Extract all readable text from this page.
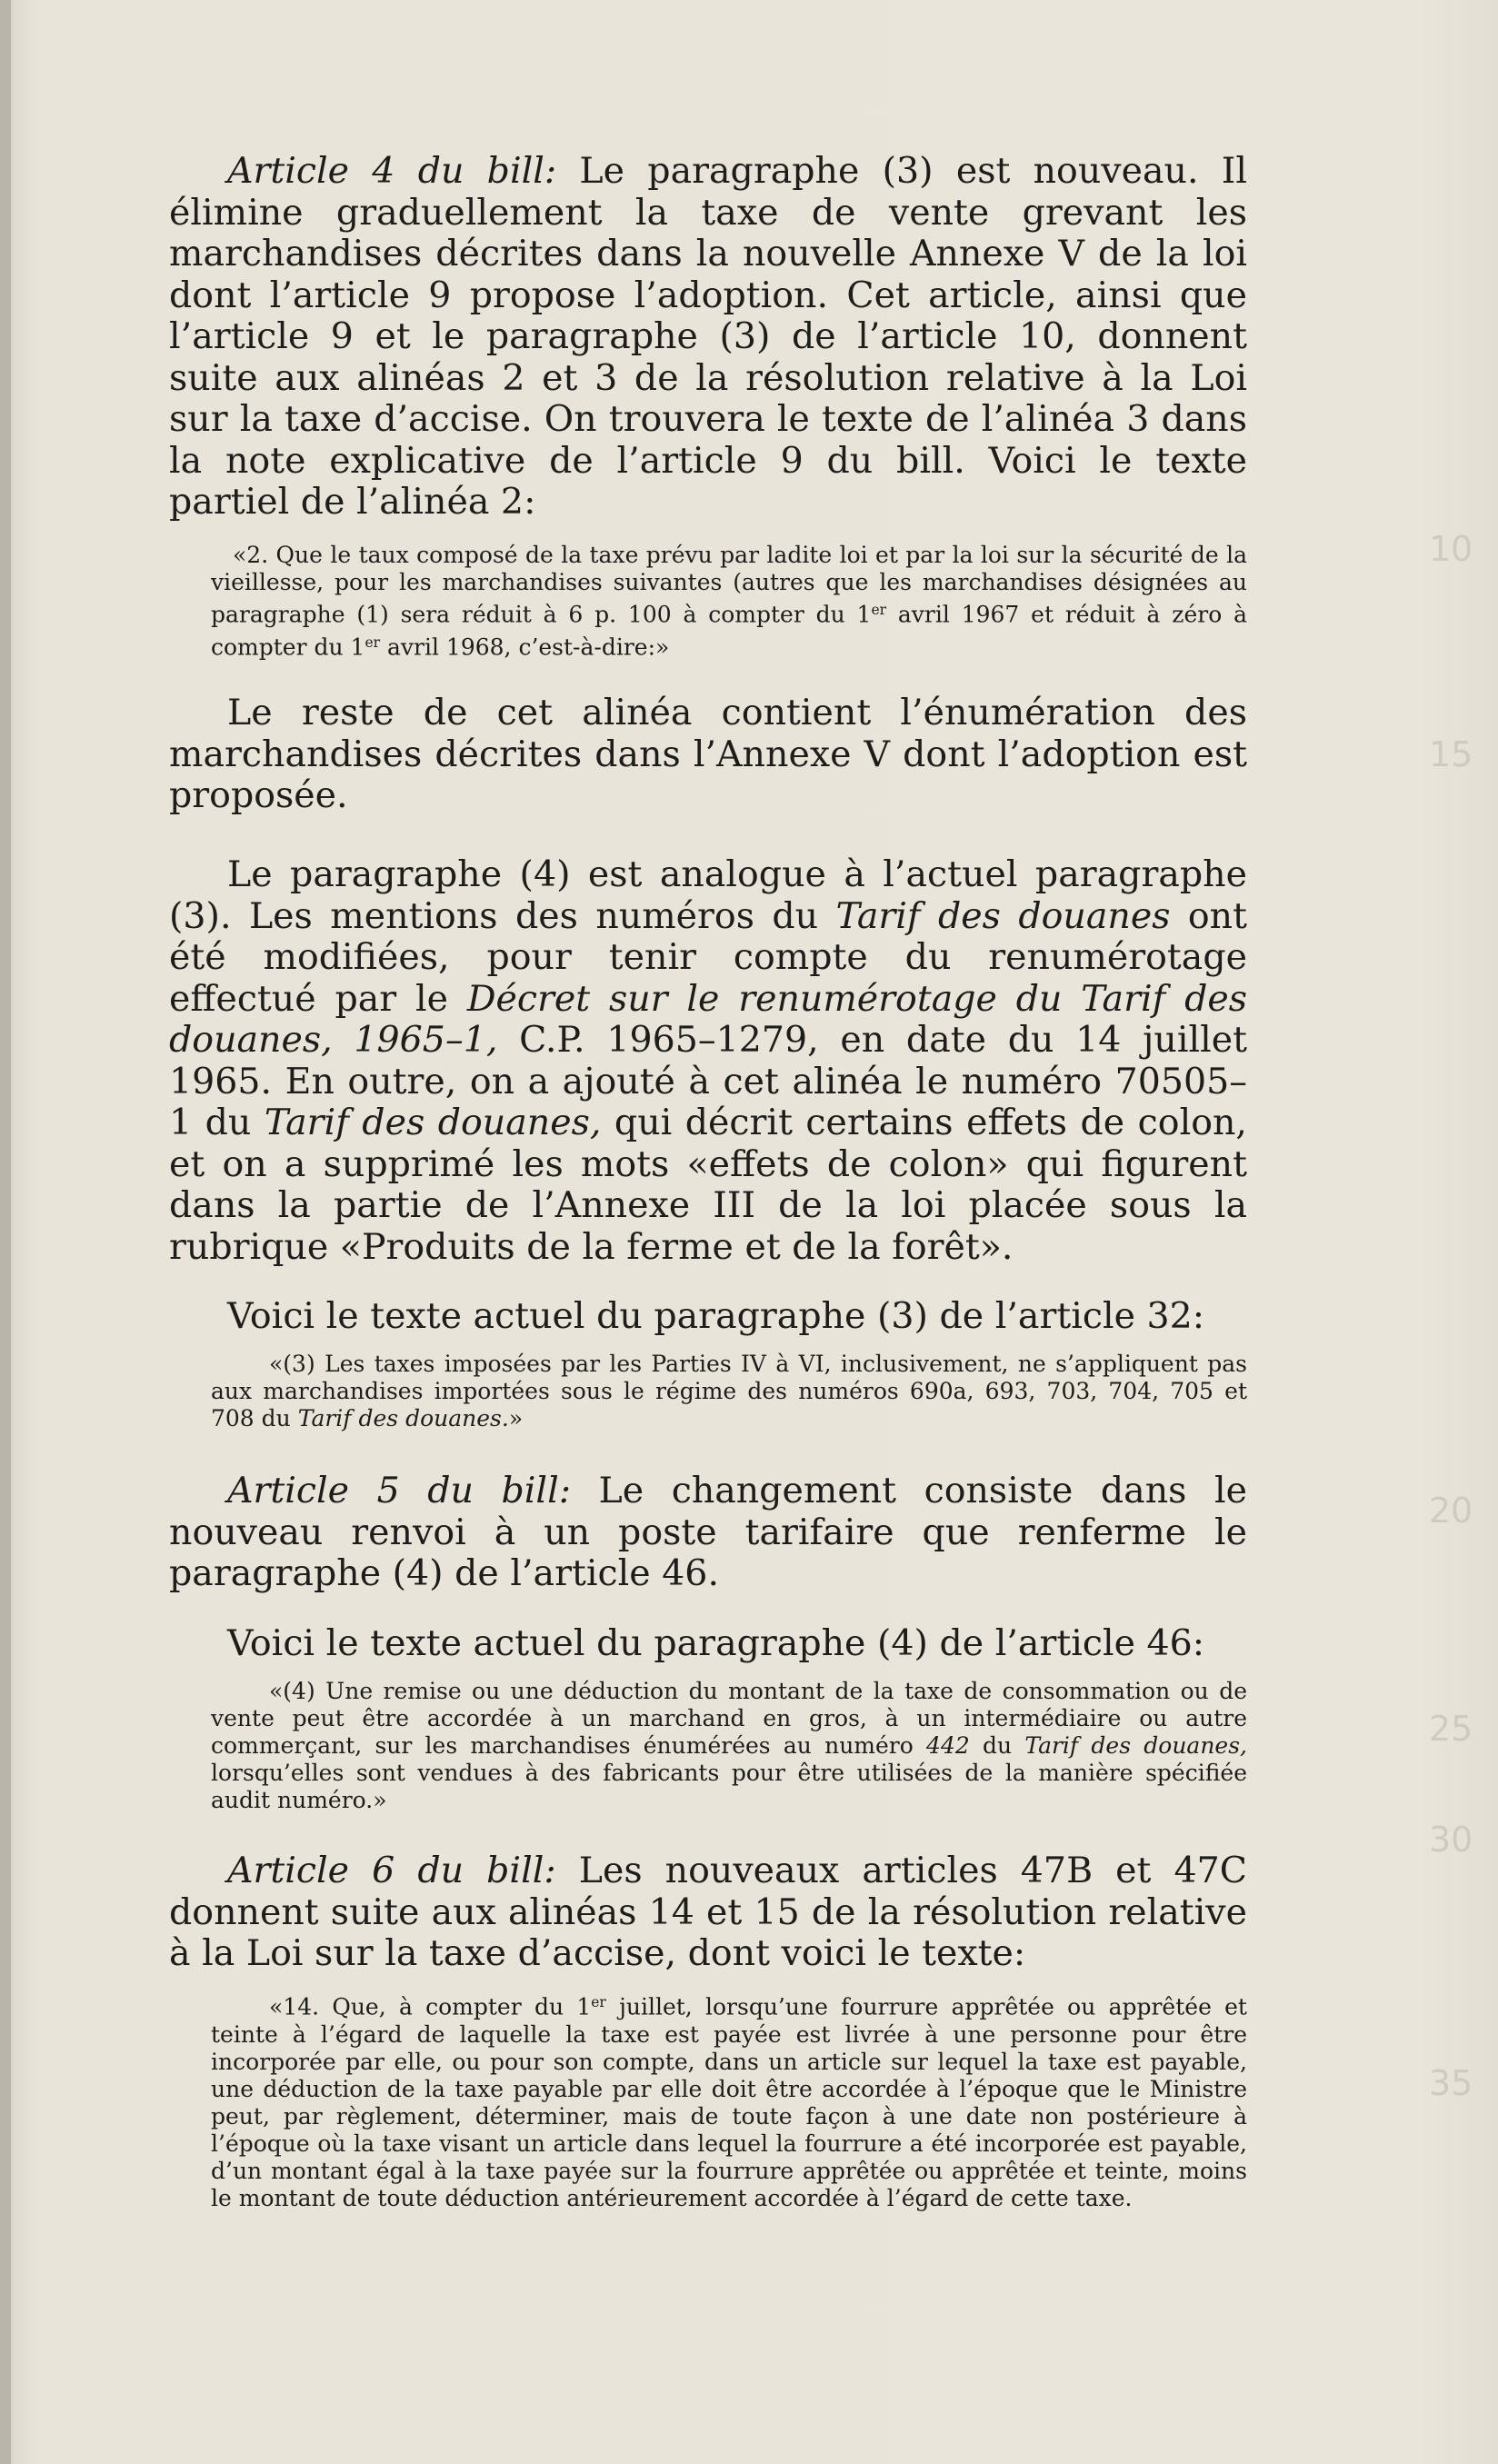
10
15
20
25
30
35

Article 4 du bill: Le paragraphe (3) est nouveau. Il élimine graduellement la taxe de vente grevant les marchandises décrites dans la nouvelle Annexe V de la loi dont l’article 9 propose l’adoption. Cet article, ainsi que l’article 9 et le paragraphe (3) de l’article 10, donnent suite aux alinéas 2 et 3 de la résolution relative à la Loi sur la taxe d’accise. On trouvera le texte de l’alinéa 3 dans la note explicative de l’article 9 du bill. Voici le texte partiel de l’alinéa 2:

«2. Que le taux composé de la taxe prévu par ladite loi et par la loi sur la sécurité de la vieillesse, pour les marchandises suivantes (autres que les marchandises désignées au paragraphe (1) sera réduit à 6 p. 100 à compter du 1er avril 1967 et réduit à zéro à compter du 1er avril 1968, c’est-à-dire:»

Le reste de cet alinéa contient l’énumération des marchandises décrites dans l’Annexe V dont l’adoption est proposée.

Le paragraphe (4) est analogue à l’actuel paragraphe (3). Les mentions des numéros du Tarif des douanes ont été modifiées, pour tenir compte du renumérotage effectué par le Décret sur le renumérotage du Tarif des douanes, 1965–1, C.P. 1965–1279, en date du 14 juillet 1965. En outre, on a ajouté à cet alinéa le numéro 70505–1 du Tarif des douanes, qui décrit certains effets de colon, et on a supprimé les mots «effets de colon» qui figurent dans la partie de l’Annexe III de la loi placée sous la rubrique «Produits de la ferme et de la forêt».

Voici le texte actuel du paragraphe (3) de l’article 32:

«(3) Les taxes imposées par les Parties IV à VI, inclusivement, ne s’appliquent pas aux marchandises importées sous le régime des numéros 690a, 693, 703, 704, 705 et 708 du Tarif des douanes.»

Article 5 du bill: Le changement consiste dans le nouveau renvoi à un poste tarifaire que renferme le paragraphe (4) de l’article 46.

Voici le texte actuel du paragraphe (4) de l’article 46:

«(4) Une remise ou une déduction du montant de la taxe de consommation ou de vente peut être accordée à un marchand en gros, à un intermédiaire ou autre commerçant, sur les marchandises énumérées au numéro 442 du Tarif des douanes, lorsqu’elles sont vendues à des fabricants pour être utilisées de la manière spécifiée audit numéro.»

Article 6 du bill: Les nouveaux articles 47B et 47C donnent suite aux alinéas 14 et 15 de la résolution relative à la Loi sur la taxe d’accise, dont voici le texte:

«14. Que, à compter du 1er juillet, lorsqu’une fourrure apprêtée ou apprêtée et teinte à l’égard de laquelle la taxe est payée est livrée à une personne pour être incorporée par elle, ou pour son compte, dans un article sur lequel la taxe est payable, une déduction de la taxe payable par elle doit être accordée à l’époque que le Ministre peut, par règlement, déterminer, mais de toute façon à une date non postérieure à l’époque où la taxe visant un article dans lequel la fourrure a été incorporée est payable, d’un montant égal à la taxe payée sur la fourrure apprêtée ou apprêtée et teinte, moins le montant de toute déduction antérieurement accordée à l’égard de cette taxe.
